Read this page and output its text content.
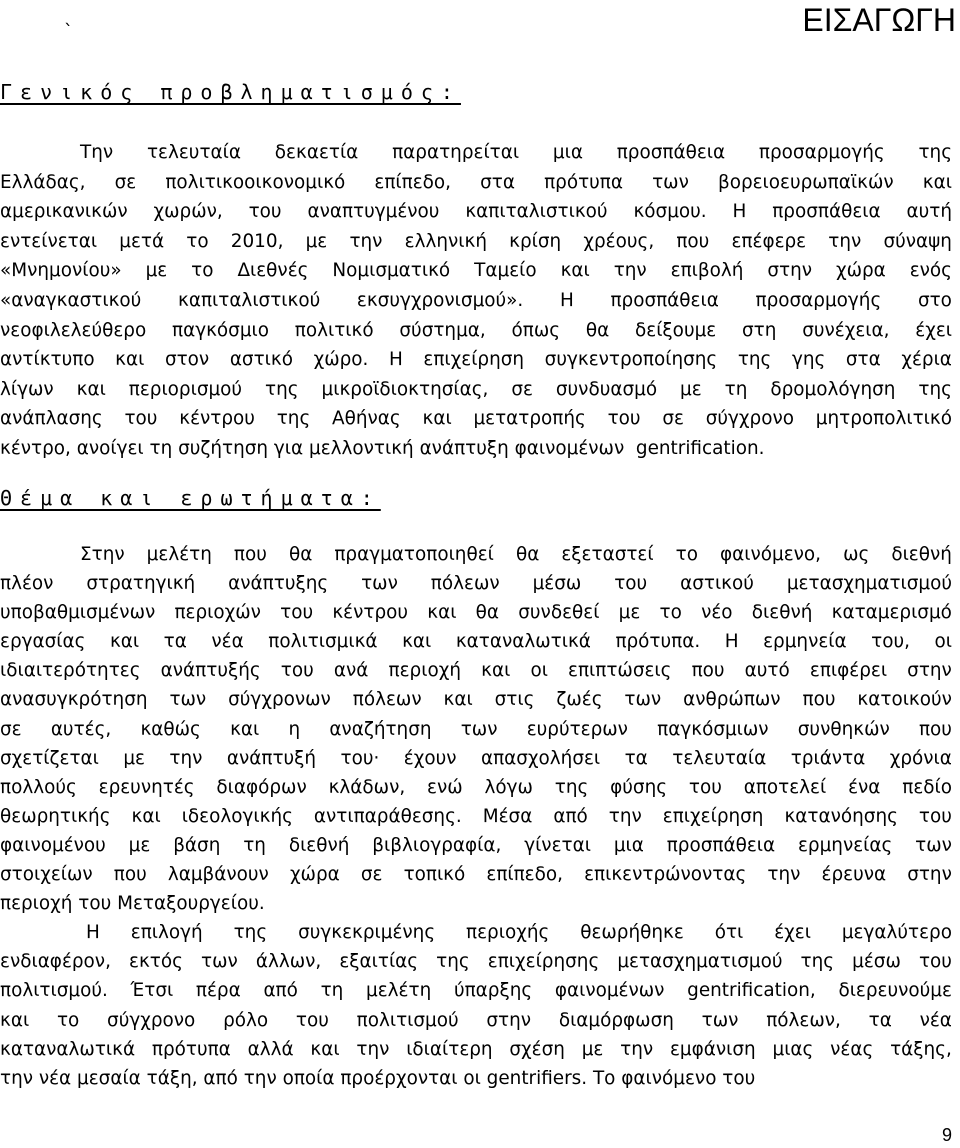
ΕΙΣΑΓΩΓΗ
`
Γενικός προβληματισμός:
Την τελευταία δεκαετία παρατηρείται μια προσπάθεια προσαρμογής της
Ελλάδας, σε πολιτικοοικονομικό επίπεδο, στα πρότυπα των βορειοευρωπαϊκών και
αμερικανικών χωρών, του αναπτυγμένου καπιταλιστικού κόσμου. Η προσπάθεια αυτή
εντείνεται μετά το 2010, με την ελληνική κρίση χρέους, που επέφερε την σύναψη
«Μνημονίου» με το Διεθνές Νομισματικό Ταμείο και την επιβολή στην χώρα ενός
«αναγκαστικού καπιταλιστικού εκσυγχρονισμού». Η προσπάθεια προσαρμογής στο
νεοφιλελεύθερο παγκόσμιο πολιτικό σύστημα, όπως θα δείξουμε στη συνέχεια, έχει
αντίκτυπο και στον αστικό χώρο. Η επιχείρηση συγκεντροποίησης της γης στα χέρια
λίγων και περιορισμού της μικροϊδιοκτησίας, σε συνδυασμό με τη δρομολόγηση της
ανάπλασης του κέντρου της Αθήνας και μετατροπής του σε σύγχρονο μητροπολιτικό
κέντρο, ανοίγει τη συζήτηση για μελλοντική ανάπτυξη φαινομένων  gentrification.
Θέμα και ερωτήματα:
Στην μελέτη που θα πραγματοποιηθεί θα εξεταστεί το φαινόμενο, ως διεθνή
πλέον στρατηγική ανάπτυξης των πόλεων μέσω του αστικού μετασχηματισμού
υποβαθμισμένων περιοχών του κέντρου και θα συνδεθεί με το νέο διεθνή καταμερισμό
εργασίας και τα νέα πολιτισμικά και καταναλωτικά πρότυπα. Η ερμηνεία του, οι
ιδιαιτερότητες ανάπτυξής του ανά περιοχή και οι επιπτώσεις που αυτό επιφέρει στην
ανασυγκρότηση των σύγχρονων πόλεων και στις ζωές των ανθρώπων που κατοικούν
σε αυτές, καθώς και η αναζήτηση των ευρύτερων παγκόσμιων συνθηκών που
σχετίζεται με την ανάπτυξή του· έχουν απασχολήσει τα τελευταία τριάντα χρόνια
πολλούς ερευνητές διαφόρων κλάδων, ενώ λόγω της φύσης του αποτελεί ένα πεδίο
θεωρητικής και ιδεολογικής αντιπαράθεσης. Μέσα από την επιχείρηση κατανόησης του
φαινομένου με βάση τη διεθνή βιβλιογραφία, γίνεται μια προσπάθεια ερμηνείας των
στοιχείων που λαμβάνουν χώρα σε τοπικό επίπεδο, επικεντρώνοντας την έρευνα στην
περιοχή του Μεταξουργείου.
Η επιλογή της συγκεκριμένης περιοχής θεωρήθηκε ότι έχει μεγαλύτερο
ενδιαφέρον, εκτός των άλλων, εξαιτίας της επιχείρησης μετασχηματισμού της μέσω του
πολιτισμού. Έτσι πέρα από τη μελέτη ύπαρξης φαινομένων gentrification, διερευνούμε
και το σύγχρονο ρόλο του πολιτισμού στην διαμόρφωση των πόλεων, τα νέα
καταναλωτικά πρότυπα αλλά και την ιδιαίτερη σχέση με την εμφάνιση μιας νέας τάξης,
την νέα μεσαία τάξη, από την οποία προέρχονται οι gentrifiers. Το φαινόμενο του
9
